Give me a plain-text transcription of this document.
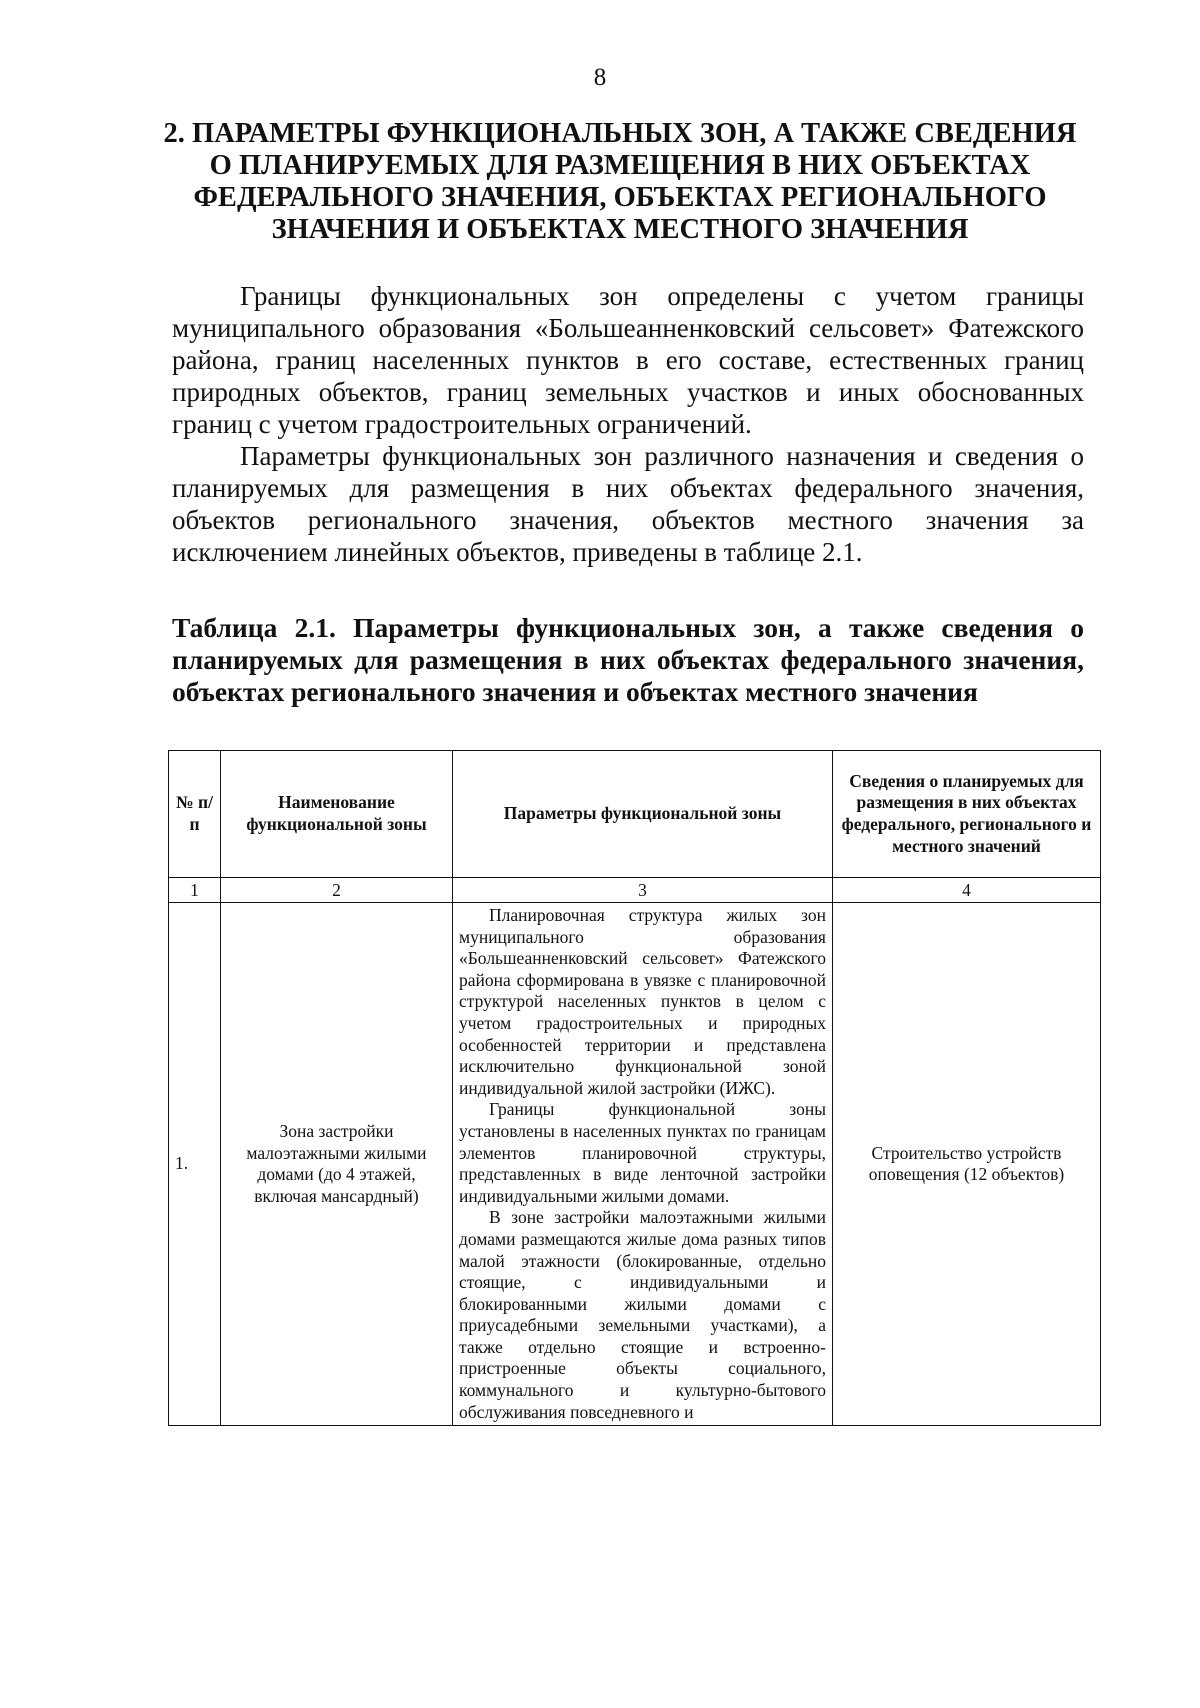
8
2. ПАРАМЕТРЫ ФУНКЦИОНАЛЬНЫХ ЗОН, А ТАКЖЕ СВЕДЕНИЯ О ПЛАНИРУЕМЫХ ДЛЯ РАЗМЕЩЕНИЯ В НИХ ОБЪЕКТАХ ФЕДЕРАЛЬНОГО ЗНАЧЕНИЯ, ОБЪЕКТАХ РЕГИОНАЛЬНОГО ЗНАЧЕНИЯ И ОБЪЕКТАХ МЕСТНОГО ЗНАЧЕНИЯ

Границы функциональных зон определены с учетом границы муниципального образования «Большеанненковский сельсовет» Фатежского района, границ населенных пунктов в его составе, естественных границ природных объектов, границ земельных участков и иных обоснованных границ с учетом градостроительных ограничений.

Параметры функциональных зон различного назначения и сведения о планируемых для размещения в них объектах федерального значения, объектов регионального значения, объектов местного значения за исключением линейных объектов, приведены в таблице 2.1.

Таблица 2.1. Параметры функциональных зон, а также сведения о планируемых для размещения в них объектах федерального значения, объектах регионального значения и объектах местного значения
№ п/п	Наименование функциональной зоны	Параметры функциональной зоны	Сведения о планируемых для размещения в них объектах федерального, регионального и местного значений
1	2	3	4
1.	Зона застройки малоэтажными жилыми домами (до 4 этажей, включая мансардный)	Планировочная структура жилых зон муниципального образования «Большеанненковский сельсовет» Фатежского района сформирована в увязке с планировочной структурой населенных пунктов в целом с учетом градостроительных и природных особенностей территории и представлена исключительно функциональной зоной индивидуальной жилой застройки (ИЖС).

Границы функциональной зоны установлены в населенных пунктах по границам элементов планировочной структуры, представленных в виде ленточной застройки индивидуальными жилыми домами.

В зоне застройки малоэтажными жилыми домами размещаются жилые дома разных типов малой этажности (блокированные, отдельно стоящие, с индивидуальными и блокированными жилыми домами с приусадебными земельными участками), а также отдельно стоящие и встроенно-пристроенные объекты социального, коммунального и культурно-бытового обслуживания повседневного и	Строительство устройств оповещения (12 объектов)
